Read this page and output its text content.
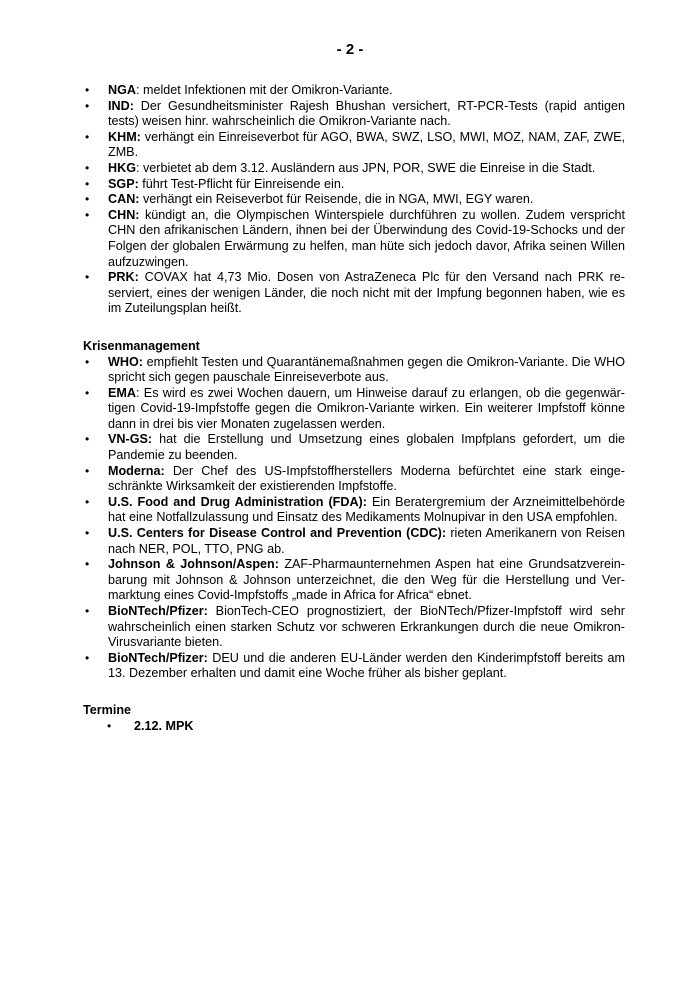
- 2 -
• NGA: meldet Infektionen mit der Omikron-Variante.
• IND: Der Gesundheitsminister Rajesh Bhushan versichert, RT-PCR-Tests (rapid antigen tests) weisen hinr. wahrscheinlich die Omikron-Variante nach.
• KHM: verhängt ein Einreiseverbot für AGO, BWA, SWZ, LSO, MWI, MOZ, NAM, ZAF, ZWE, ZMB.
• HKG: verbietet ab dem 3.12. Ausländern aus JPN, POR, SWE die Einreise in die Stadt.
• SGP: führt Test-Pflicht für Einreisende ein.
• CAN: verhängt ein Reiseverbot für Reisende, die in NGA, MWI, EGY waren.
• CHN: kündigt an, die Olympischen Winterspiele durchführen zu wollen. Zudem verspricht CHN den afrikanischen Ländern, ihnen bei der Überwindung des Covid-19-Schocks und der Folgen der globalen Erwärmung zu helfen, man hüte sich jedoch davor, Afrika seinen Willen aufzuzwingen.
• PRK: COVAX hat 4,73 Mio. Dosen von AstraZeneca Plc für den Versand nach PRK reserviert, eines der wenigen Länder, die noch nicht mit der Impfung begonnen haben, wie es im Zuteilungsplan heißt.
Krisenmanagement
• WHO: empfiehlt Testen und Quarantänemaßnahmen gegen die Omikron-Variante. Die WHO spricht sich gegen pauschale Einreiseverbote aus.
• EMA: Es wird es zwei Wochen dauern, um Hinweise darauf zu erlangen, ob die gegenwärtigen Covid-19-Impfstoffe gegen die Omikron-Variante wirken. Ein weiterer Impfstoff könne dann in drei bis vier Monaten zugelassen werden.
• VN-GS: hat die Erstellung und Umsetzung eines globalen Impfplans gefordert, um die Pandemie zu beenden.
• Moderna: Der Chef des US-Impfstoffherstellers Moderna befürchtet eine stark eingeschränkte Wirksamkeit der existierenden Impfstoffe.
• U.S. Food and Drug Administration (FDA): Ein Beratergremium der Arzneimittelbehörde hat eine Notfallzulassung und Einsatz des Medikaments Molnupivar in den USA empfohlen.
• U.S. Centers for Disease Control and Prevention (CDC): rieten Amerikanern von Reisen nach NER, POL, TTO, PNG ab.
• Johnson & Johnson/Aspen: ZAF-Pharmaunternehmen Aspen hat eine Grundsatzvereinbarung mit Johnson & Johnson unterzeichnet, die den Weg für die Herstellung und Vermarktung eines Covid-Impfstoffs „made in Africa for Africa“ ebnet.
• BioNTech/Pfizer: BionTech-CEO prognostiziert, der BioNTech/Pfizer-Impfstoff wird sehr wahrscheinlich einen starken Schutz vor schweren Erkrankungen durch die neue Omikron-Virusvariante bieten.
• BioNTech/Pfizer: DEU und die anderen EU-Länder werden den Kinderimpfstoff bereits am 13. Dezember erhalten und damit eine Woche früher als bisher geplant.
Termine
• 2.12. MPK
